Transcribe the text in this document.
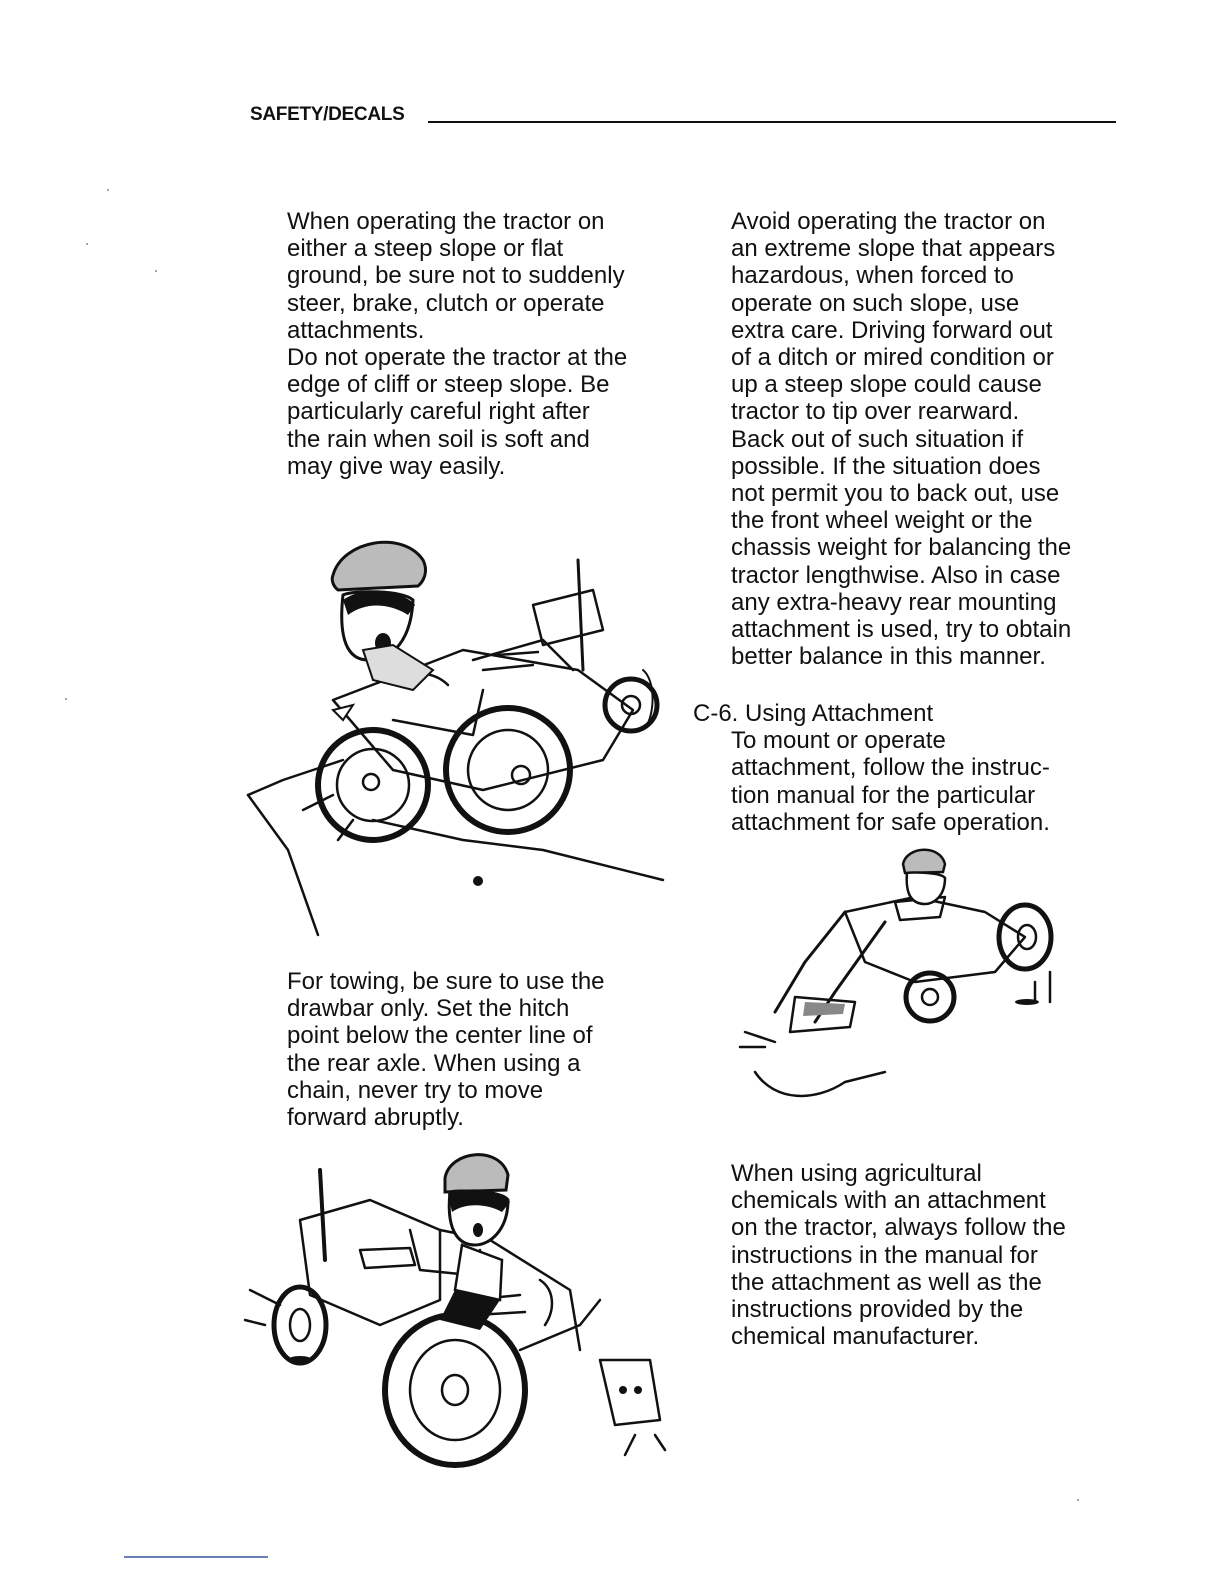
SAFETY/DECALS

When operating the tractor on
either a steep slope or flat
ground, be sure not to suddenly
steer, brake, clutch or operate
attachments.
Do not operate the tractor at the
edge of cliff or steep slope. Be
particularly careful right after
the rain when soil is soft and
may give way easily.

For towing, be sure to use the
drawbar only. Set the hitch
point below the center line of
the rear axle. When using a
chain, never try to move
forward abruptly.

Avoid operating the tractor on
an extreme slope that appears
hazardous, when forced to
operate on such slope, use
extra care. Driving forward out
of a ditch or mired condition or
up a steep slope could cause
tractor to tip over rearward.
Back out of such situation if
possible. If the situation does
not permit you to back out, use
the front wheel weight or the
chassis weight for balancing the
tractor lengthwise. Also in case
any extra-heavy rear mounting
attachment is used, try to obtain
better balance in this manner.

C-6. Using Attachment

To mount or operate
attachment, follow the instruc-
tion manual for the particular
attachment for safe operation.

When using agricultural
chemicals with an attachment
on the tractor, always follow the
instructions in the manual for
the attachment as well as the
instructions provided by the
chemical manufacturer.
